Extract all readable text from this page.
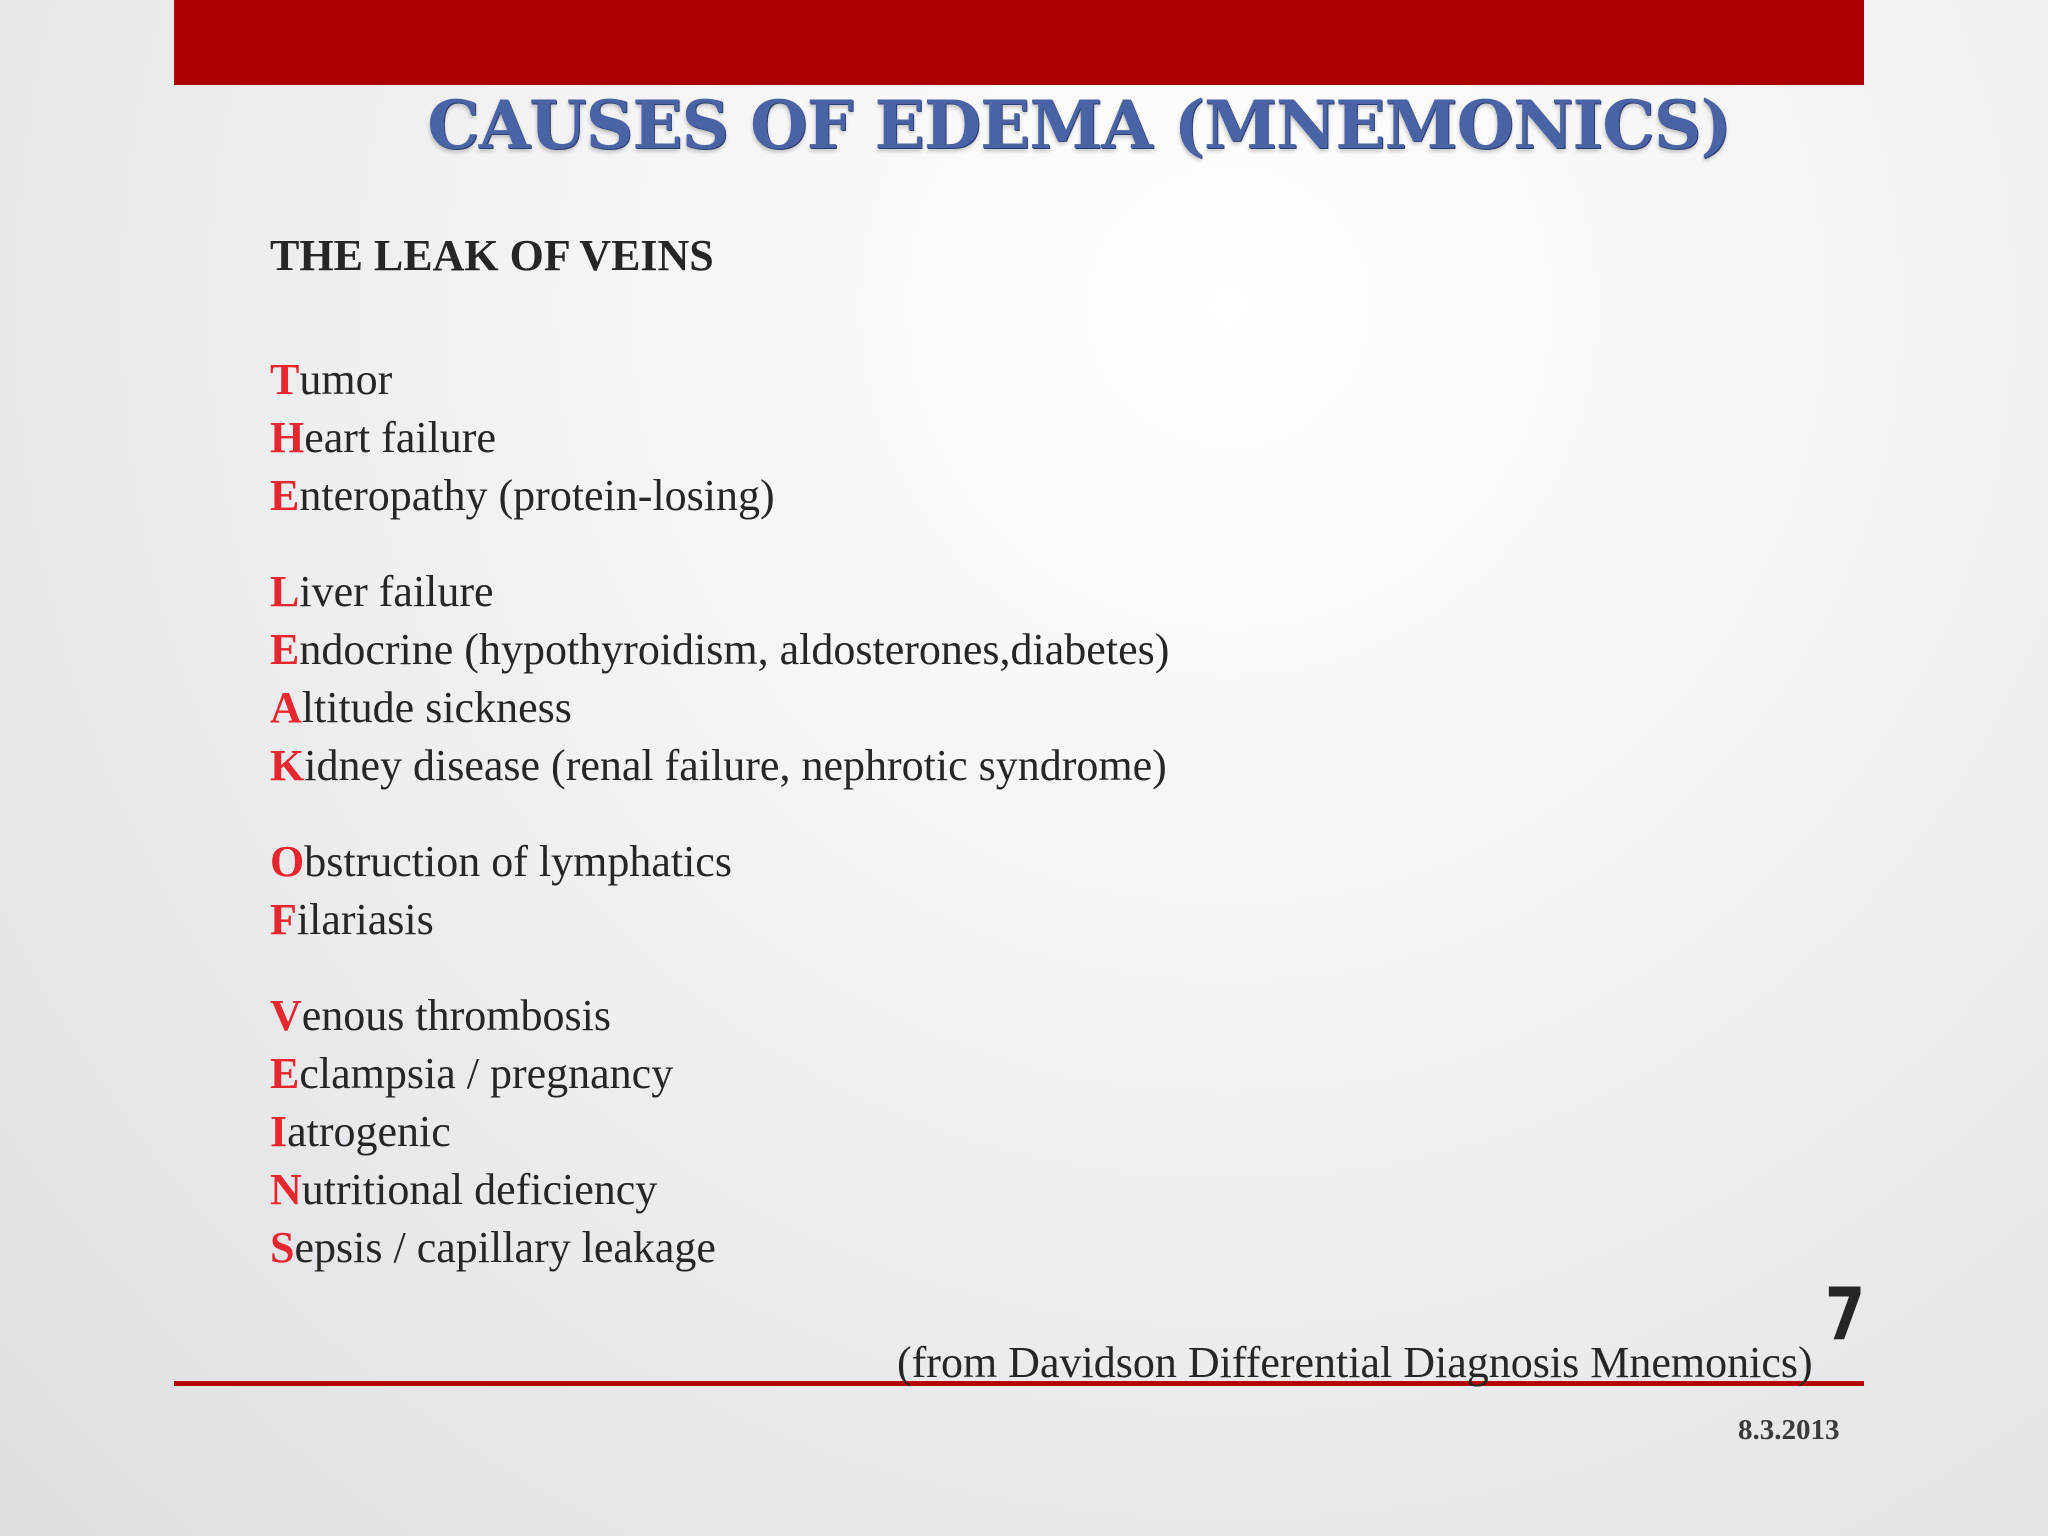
CAUSES OF EDEMA (MNEMONICS)
THE LEAK OF VEINS
Tumor
Heart failure
Enteropathy (protein-losing)
Liver failure
Endocrine (hypothyroidism, aldosterones,diabetes)
Altitude sickness
Kidney disease (renal failure, nephrotic syndrome)
Obstruction of lymphatics
Filariasis
Venous thrombosis
Eclampsia / pregnancy
Iatrogenic
Nutritional deficiency
Sepsis / capillary leakage
7
(from Davidson Differential Diagnosis Mnemonics)
8.3.2013
